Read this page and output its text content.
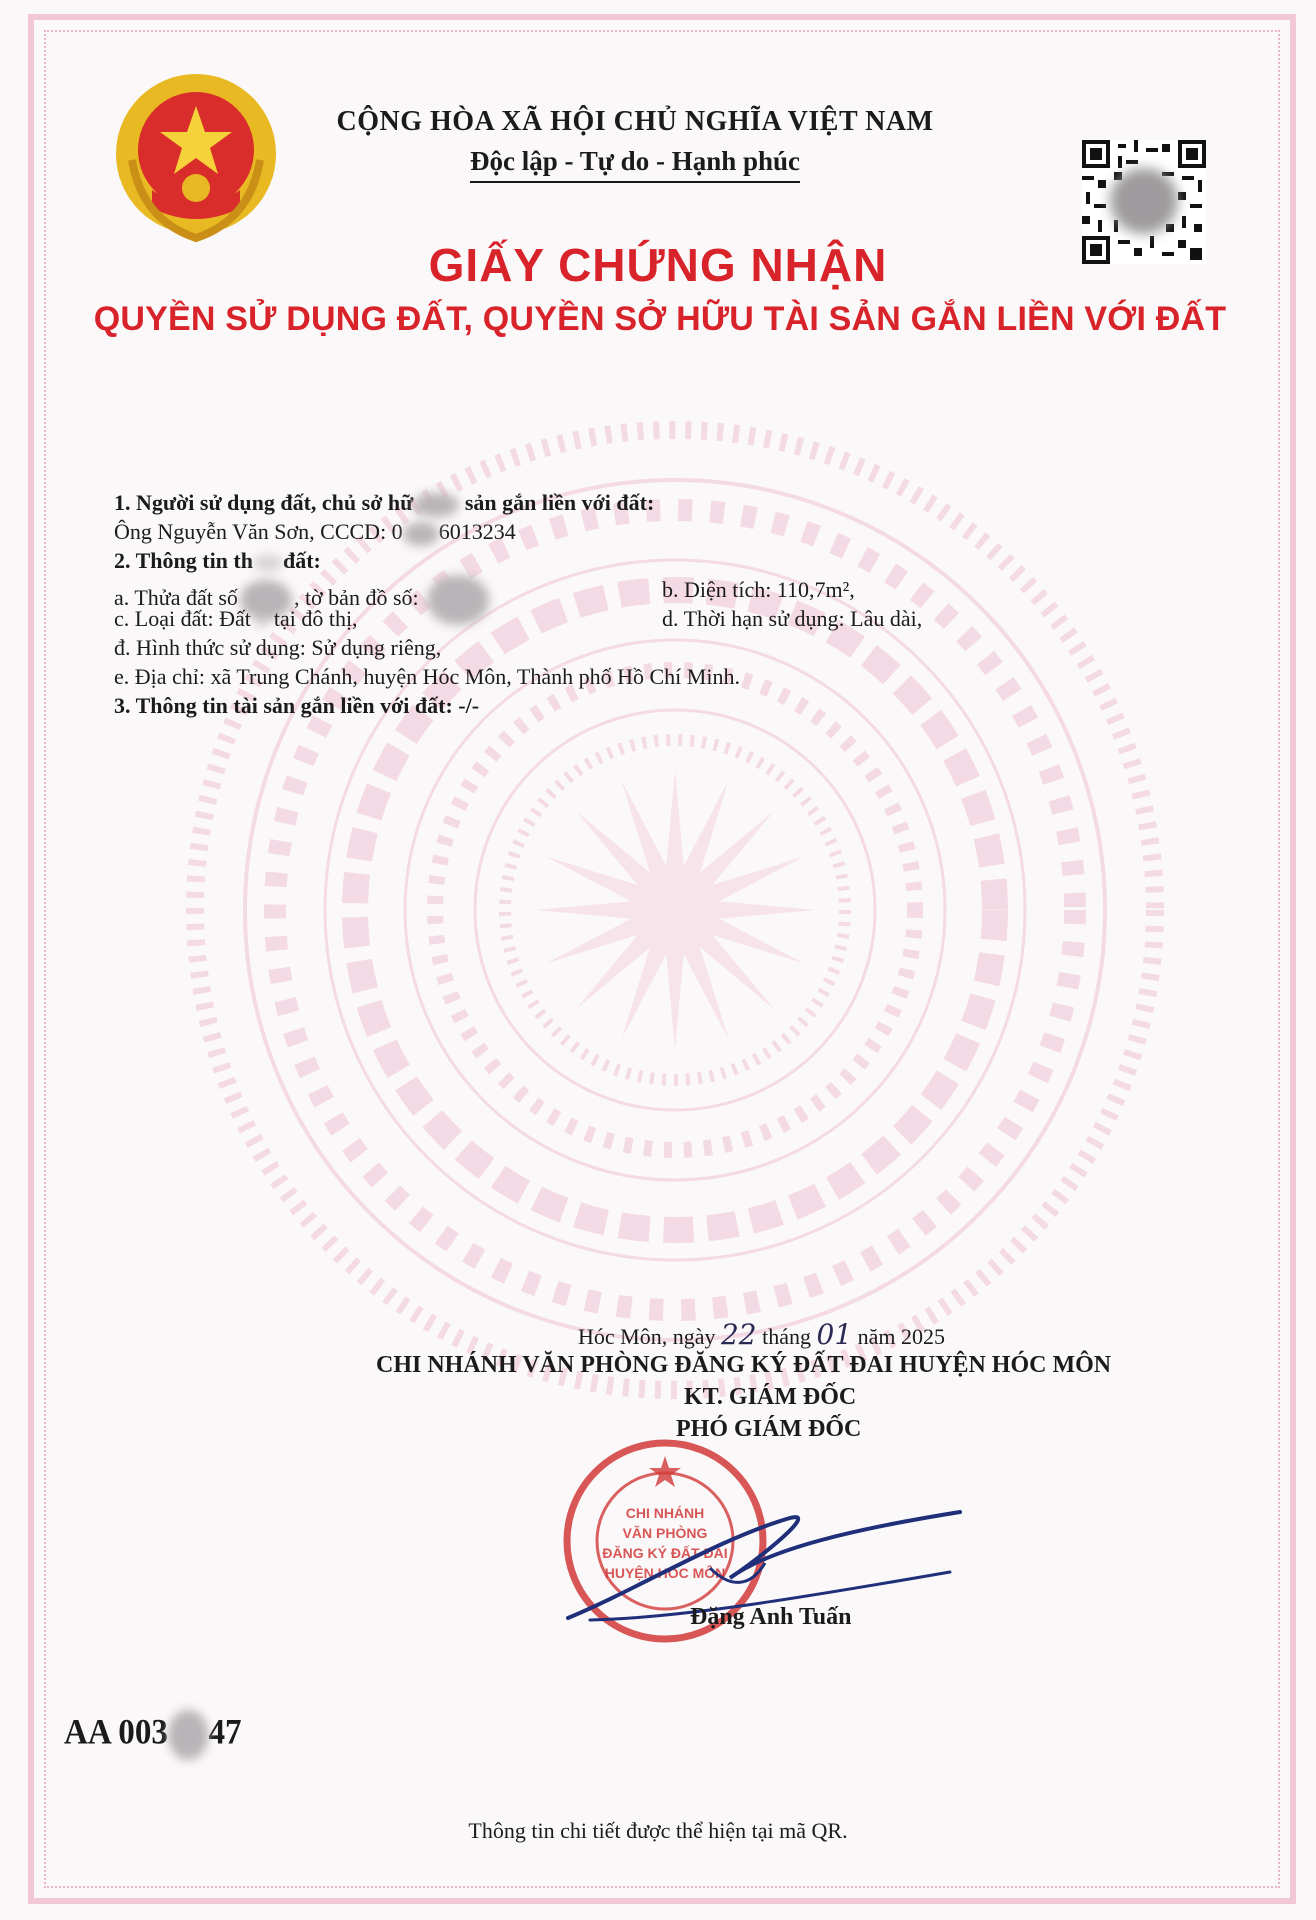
CỘNG HÒA XÃ HỘI CHỦ NGHĨA VIỆT NAM
Độc lập - Tự do - Hạnh phúc
GIẤY CHỨNG NHẬN
QUYỀN SỬ DỤNG ĐẤT, QUYỀN SỞ HỮU TÀI SẢN GẮN LIỀN VỚI ĐẤT
1. Người sử dụng đất, chủ sở hữ sản gắn liền với đất:
Ông Nguyễn Văn Sơn, CCCD: 0 6013234
2. Thông tin th đất:
a. Thửa đất số	, tờ bản đồ số:	b. Diện tích: 110,7m²,
c. Loại đất: Đất  tại đô thị,	d. Thời hạn sử dụng: Lâu dài,
đ. Hình thức sử dụng: Sử dụng riêng,
e. Địa chỉ: xã Trung Chánh, huyện Hóc Môn, Thành phố Hồ Chí Minh.
3. Thông tin tài sản gắn liền với đất: -/-
Hóc Môn, ngày 22 tháng 01 năm 2025
CHI NHÁNH VĂN PHÒNG ĐĂNG KÝ ĐẤT ĐAI HUYỆN HÓC MÔN
KT. GIÁM ĐỐC
PHÓ GIÁM ĐỐC
CHI NHÁNH
VĂN PHÒNG
ĐĂNG KÝ ĐẤT ĐAI
HUYỆN HÓC MÔN
Đặng Anh Tuấn
AA 003 47
Thông tin chi tiết được thể hiện tại mã QR.
